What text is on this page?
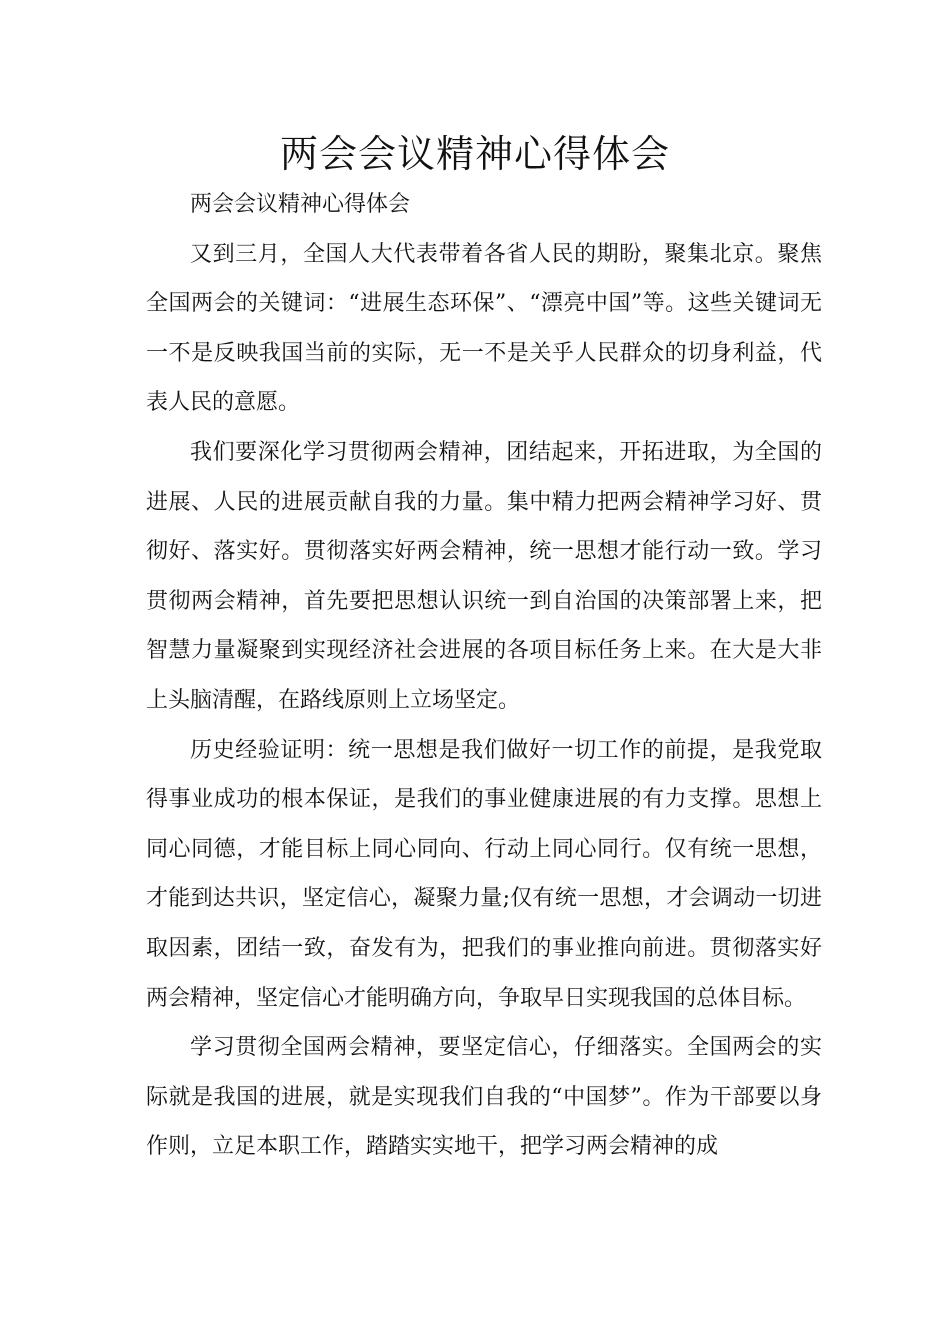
两会会议精神心得体会

两会会议精神心得体会

又到三月，全国人大代表带着各省人民的期盼，聚集北京。聚焦全国两会的关键词：“进展生态环保”、“漂亮中国”等。这些关键词无一不是反映我国当前的实际，无一不是关乎人民群众的切身利益，代表人民的意愿。

我们要深化学习贯彻两会精神，团结起来，开拓进取，为全国的进展、人民的进展贡献自我的力量。集中精力把两会精神学习好、贯彻好、落实好。贯彻落实好两会精神，统一思想才能行动一致。学习贯彻两会精神，首先要把思想认识统一到自治国的决策部署上来，把智慧力量凝聚到实现经济社会进展的各项目标任务上来。在大是大非上头脑清醒，在路线原则上立场坚定。

历史经验证明：统一思想是我们做好一切工作的前提，是我党取得事业成功的根本保证，是我们的事业健康进展的有力支撑。思想上同心同德，才能目标上同心同向、行动上同心同行。仅有统一思想，才能到达共识，坚定信心，凝聚力量;仅有统一思想，才会调动一切进取因素，团结一致，奋发有为，把我们的事业推向前进。贯彻落实好两会精神，坚定信心才能明确方向，争取早日实现我国的总体目标。

学习贯彻全国两会精神，要坚定信心，仔细落实。全国两会的实际就是我国的进展，就是实现我们自我的“中国梦”。作为干部要以身作则，立足本职工作，踏踏实实地干，把学习两会精神的成
